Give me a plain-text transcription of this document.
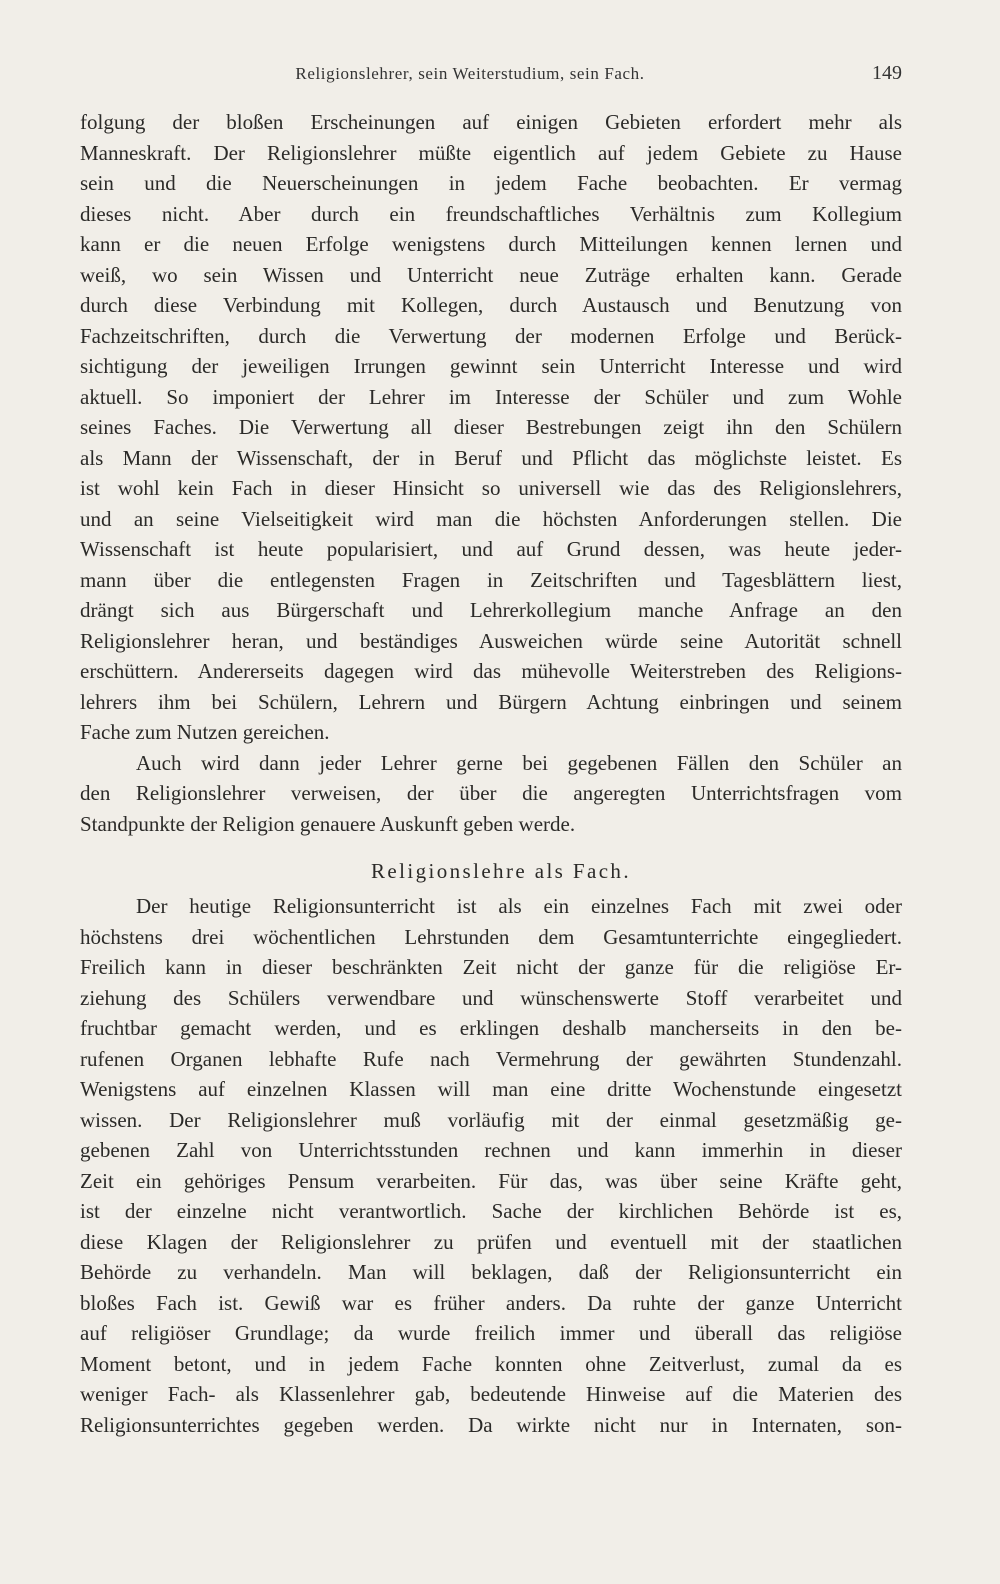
Religionslehrer, sein Weiterstudium, sein Fach.	149
folgung der bloßen Erscheinungen auf einigen Gebieten erfordert mehr als
Manneskraft. Der Religionslehrer müßte eigentlich auf jedem Gebiete zu Hause
sein und die Neuerscheinungen in jedem Fache beobachten. Er vermag
dieses nicht. Aber durch ein freundschaftliches Verhältnis zum Kollegium
kann er die neuen Erfolge wenigstens durch Mitteilungen kennen lernen und
weiß, wo sein Wissen und Unterricht neue Zuträge erhalten kann. Gerade
durch diese Verbindung mit Kollegen, durch Austausch und Benutzung von
Fachzeitschriften, durch die Verwertung der modernen Erfolge und Berück-
sichtigung der jeweiligen Irrungen gewinnt sein Unterricht Interesse und wird
aktuell. So imponiert der Lehrer im Interesse der Schüler und zum Wohle
seines Faches. Die Verwertung all dieser Bestrebungen zeigt ihn den Schülern
als Mann der Wissenschaft, der in Beruf und Pflicht das möglichste leistet. Es
ist wohl kein Fach in dieser Hinsicht so universell wie das des Religionslehrers,
und an seine Vielseitigkeit wird man die höchsten Anforderungen stellen. Die
Wissenschaft ist heute popularisiert, und auf Grund dessen, was heute jeder-
mann über die entlegensten Fragen in Zeitschriften und Tagesblättern liest,
drängt sich aus Bürgerschaft und Lehrerkollegium manche Anfrage an den
Religionslehrer heran, und beständiges Ausweichen würde seine Autorität schnell
erschüttern. Andererseits dagegen wird das mühevolle Weiterstreben des Religions-
lehrers ihm bei Schülern, Lehrern und Bürgern Achtung einbringen und seinem
Fache zum Nutzen gereichen.
Auch wird dann jeder Lehrer gerne bei gegebenen Fällen den Schüler an
den Religionslehrer verweisen, der über die angeregten Unterrichtsfragen vom
Standpunkte der Religion genauere Auskunft geben werde.
Religionslehre als Fach.
Der heutige Religionsunterricht ist als ein einzelnes Fach mit zwei oder
höchstens drei wöchentlichen Lehrstunden dem Gesamtunterrichte eingegliedert.
Freilich kann in dieser beschränkten Zeit nicht der ganze für die religiöse Er-
ziehung des Schülers verwendbare und wünschenswerte Stoff verarbeitet und
fruchtbar gemacht werden, und es erklingen deshalb mancherseits in den be-
rufenen Organen lebhafte Rufe nach Vermehrung der gewährten Stundenzahl.
Wenigstens auf einzelnen Klassen will man eine dritte Wochenstunde eingesetzt
wissen. Der Religionslehrer muß vorläufig mit der einmal gesetzmäßig ge-
gebenen Zahl von Unterrichtsstunden rechnen und kann immerhin in dieser
Zeit ein gehöriges Pensum verarbeiten. Für das, was über seine Kräfte geht,
ist der einzelne nicht verantwortlich. Sache der kirchlichen Behörde ist es,
diese Klagen der Religionslehrer zu prüfen und eventuell mit der staatlichen
Behörde zu verhandeln. Man will beklagen, daß der Religionsunterricht ein
bloßes Fach ist. Gewiß war es früher anders. Da ruhte der ganze Unterricht
auf religiöser Grundlage; da wurde freilich immer und überall das religiöse
Moment betont, und in jedem Fache konnten ohne Zeitverlust, zumal da es
weniger Fach- als Klassenlehrer gab, bedeutende Hinweise auf die Materien des
Religionsunterrichtes gegeben werden. Da wirkte nicht nur in Internaten, son-
